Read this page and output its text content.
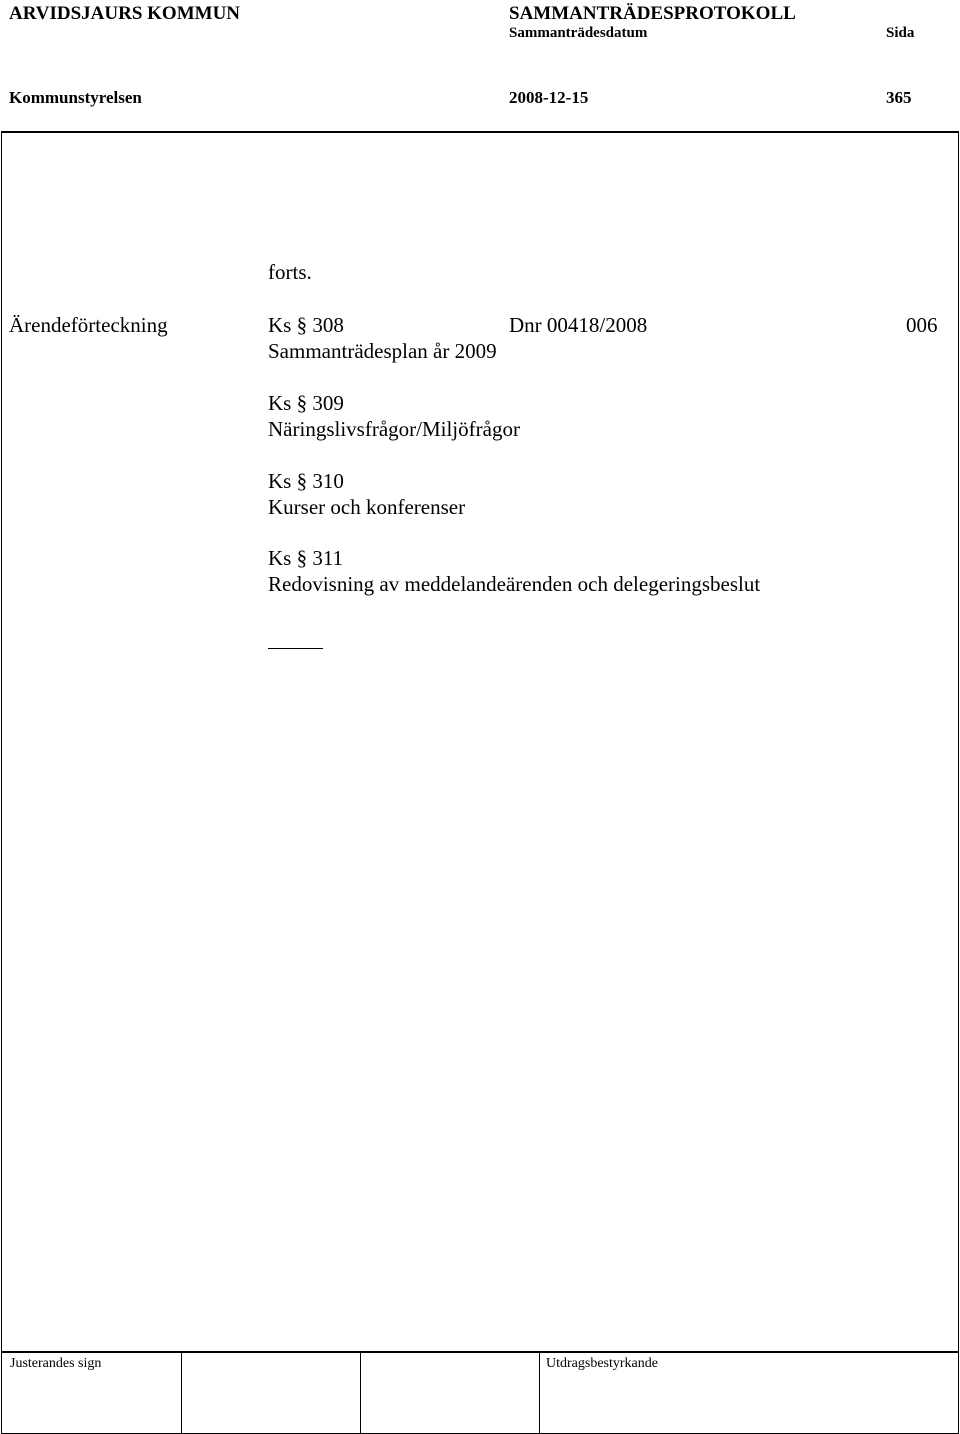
ARVIDSJAURS KOMMUN	SAMMANTRÄDESPROTOKOLL
Sammanträdesdatum	Sida
Kommunstyrelsen	2008-12-15	365
forts.
Ärendeförteckning	Ks § 308	Dnr 00418/2008	006
Sammanträdesplan år 2009
Ks § 309
Näringslivsfrågor/Miljöfrågor
Ks § 310
Kurser och konferenser
Ks § 311
Redovisning av meddelandeärenden och delegeringsbeslut
Justerandes sign	Utdragsbestyrkande
